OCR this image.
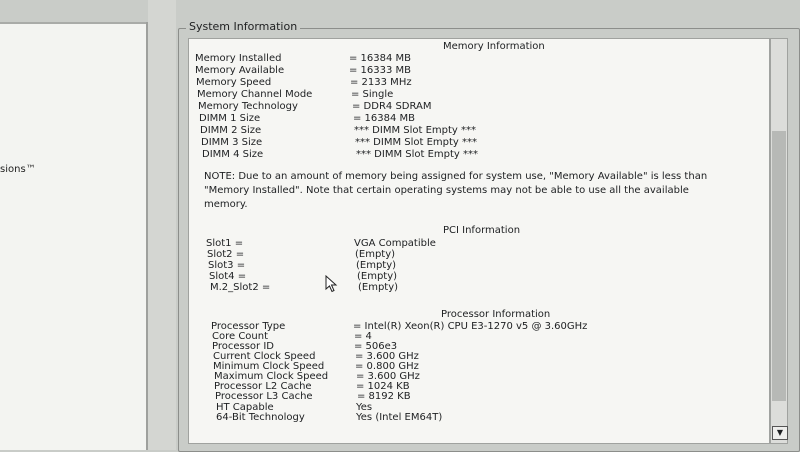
sions™
System Information
Memory Information
Memory Installed	= 16384 MB
Memory Available	= 16333 MB
Memory Speed	= 2133 MHz
Memory Channel Mode	= Single
Memory Technology	= DDR4 SDRAM
DIMM 1 Size	= 16384 MB
DIMM 2 Size	*** DIMM Slot Empty ***
DIMM 3 Size	*** DIMM Slot Empty ***
DIMM 4 Size	*** DIMM Slot Empty ***
NOTE: Due to an amount of memory being assigned for system use, "Memory Available" is less than "Memory Installed". Note that certain operating systems may not be able to use all the available memory.
PCI Information
Slot1 =	VGA Compatible
Slot2 =	(Empty)
Slot3 =	(Empty)
Slot4 =	(Empty)
M.2_Slot2 =	(Empty)
Processor Information
Processor Type	= Intel(R) Xeon(R) CPU E3-1270 v5 @ 3.60GHz
Core Count	= 4
Processor ID	= 506e3
Current Clock Speed	= 3.600 GHz
Minimum Clock Speed	= 0.800 GHz
Maximum Clock Speed	= 3.600 GHz
Processor L2 Cache	= 1024 KB
Processor L3 Cache	= 8192 KB
HT Capable	Yes
64-Bit Technology	Yes (Intel EM64T)
▼
